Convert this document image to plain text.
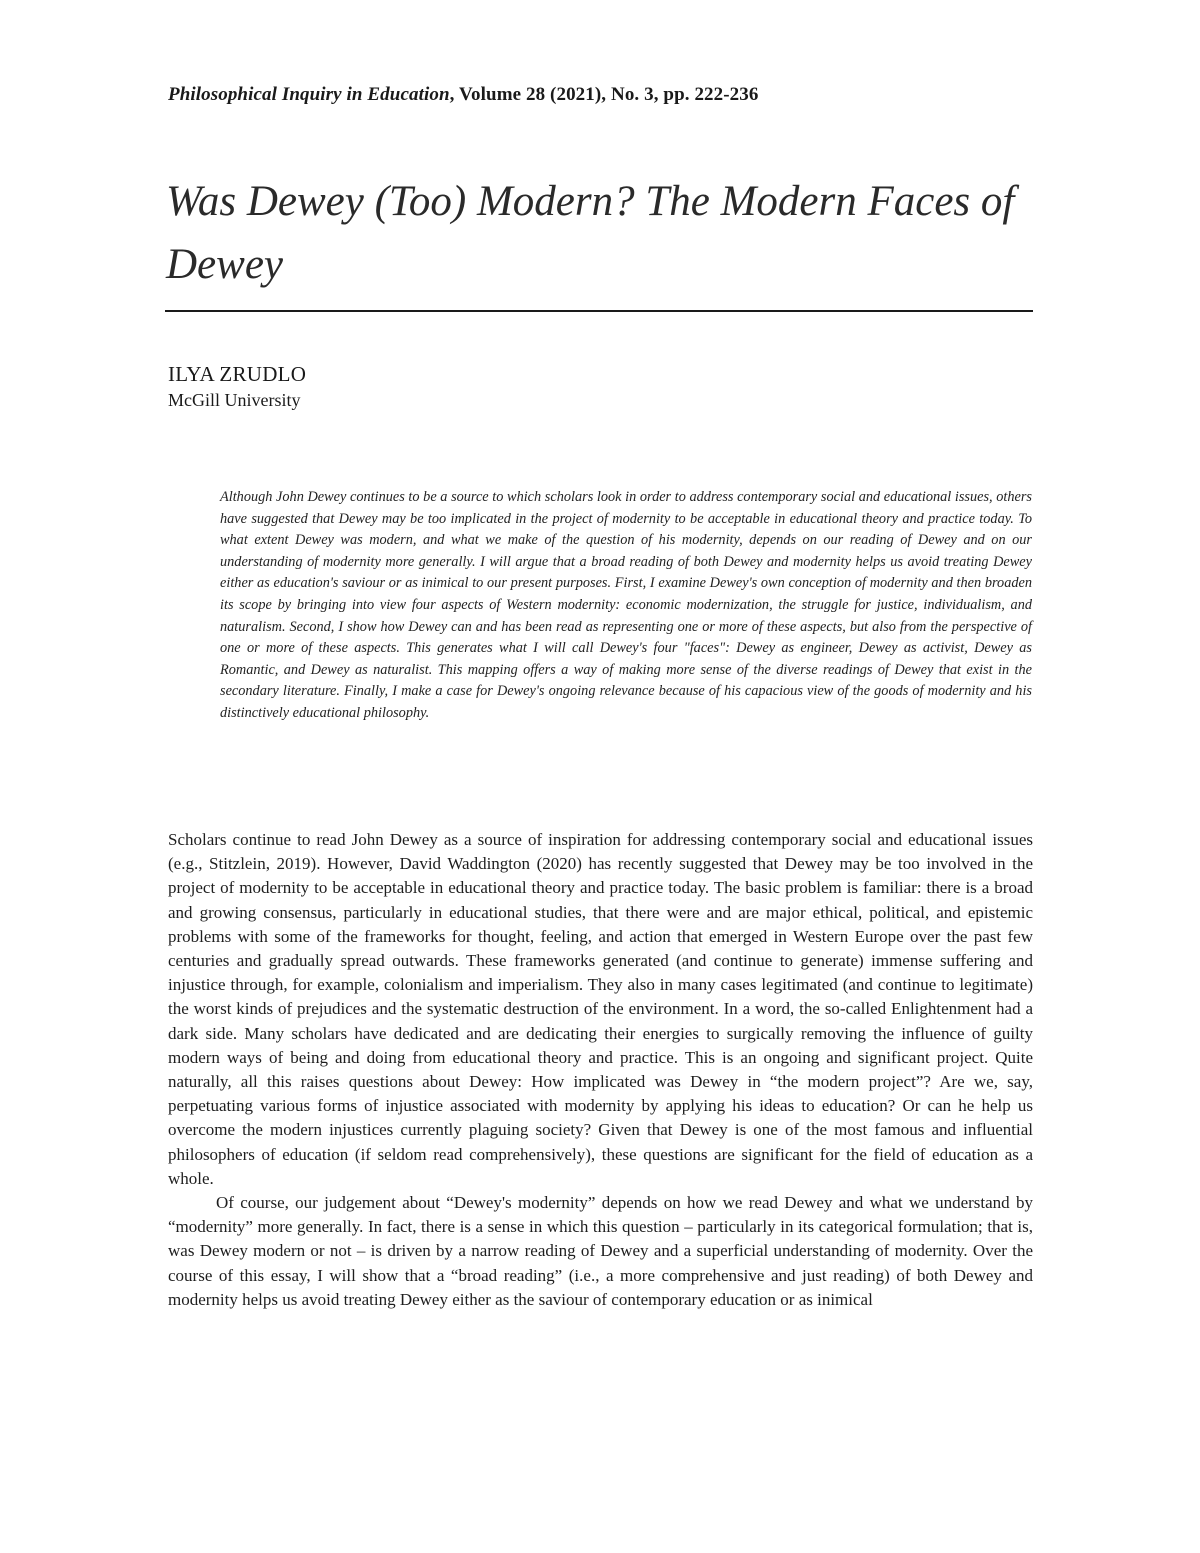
Philosophical Inquiry in Education, Volume 28 (2021), No. 3, pp. 222-236
Was Dewey (Too) Modern? The Modern Faces of Dewey
ILYA ZRUDLO
McGill University

Although John Dewey continues to be a source to which scholars look in order to address contemporary social and educational issues, others have suggested that Dewey may be too implicated in the project of modernity to be acceptable in educational theory and practice today. To what extent Dewey was modern, and what we make of the question of his modernity, depends on our reading of Dewey and on our understanding of modernity more generally. I will argue that a broad reading of both Dewey and modernity helps us avoid treating Dewey either as education's saviour or as inimical to our present purposes. First, I examine Dewey's own conception of modernity and then broaden its scope by bringing into view four aspects of Western modernity: economic modernization, the struggle for justice, individualism, and naturalism. Second, I show how Dewey can and has been read as representing one or more of these aspects, but also from the perspective of one or more of these aspects. This generates what I will call Dewey's four "faces": Dewey as engineer, Dewey as activist, Dewey as Romantic, and Dewey as naturalist. This mapping offers a way of making more sense of the diverse readings of Dewey that exist in the secondary literature. Finally, I make a case for Dewey's ongoing relevance because of his capacious view of the goods of modernity and his distinctively educational philosophy.

Scholars continue to read John Dewey as a source of inspiration for addressing contemporary social and educational issues (e.g., Stitzlein, 2019). However, David Waddington (2020) has recently suggested that Dewey may be too involved in the project of modernity to be acceptable in educational theory and practice today. The basic problem is familiar: there is a broad and growing consensus, particularly in educational studies, that there were and are major ethical, political, and epistemic problems with some of the frameworks for thought, feeling, and action that emerged in Western Europe over the past few centuries and gradually spread outwards. These frameworks generated (and continue to generate) immense suffering and injustice through, for example, colonialism and imperialism. They also in many cases legitimated (and continue to legitimate) the worst kinds of prejudices and the systematic destruction of the environment. In a word, the so-called Enlightenment had a dark side. Many scholars have dedicated and are dedicating their energies to surgically removing the influence of guilty modern ways of being and doing from educational theory and practice. This is an ongoing and significant project. Quite naturally, all this raises questions about Dewey: How implicated was Dewey in “the modern project”? Are we, say, perpetuating various forms of injustice associated with modernity by applying his ideas to education? Or can he help us overcome the modern injustices currently plaguing society? Given that Dewey is one of the most famous and influential philosophers of education (if seldom read comprehensively), these questions are significant for the field of education as a whole.

Of course, our judgement about “Dewey's modernity” depends on how we read Dewey and what we understand by “modernity” more generally. In fact, there is a sense in which this question – particularly in its categorical formulation; that is, was Dewey modern or not – is driven by a narrow reading of Dewey and a superficial understanding of modernity. Over the course of this essay, I will show that a “broad reading” (i.e., a more comprehensive and just reading) of both Dewey and modernity helps us avoid treating Dewey either as the saviour of contemporary education or as inimical
